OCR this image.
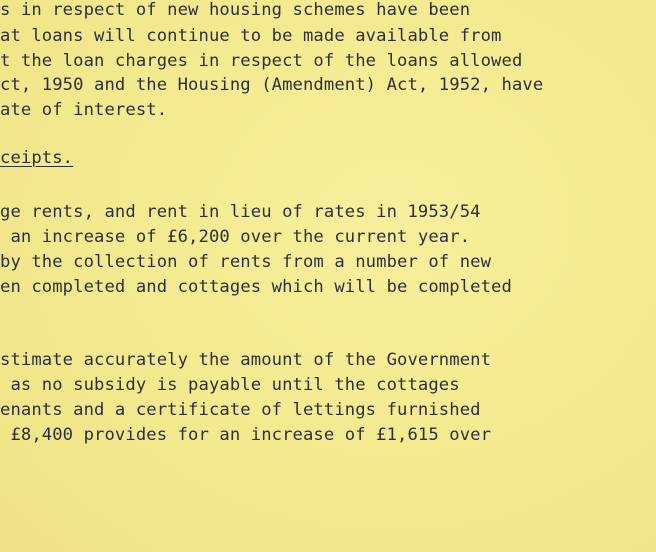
s in respect of new housing schemes have been
at loans will continue to be made available from
t the loan charges in respect of the loans allowed
ct, 1950 and the Housing (Amendment) Act, 1952, have
ate of interest.
ceipts.
ge rents, and rent in lieu of rates in 1953/54
an increase of £6,200 over the current year.
by the collection of rents from a number of new
en completed and cottages which will be completed
stimate accurately the amount of the Government
as no subsidy is payable until the cottages
enants and a certificate of lettings furnished
£8,400 provides for an increase of £1,615 over
